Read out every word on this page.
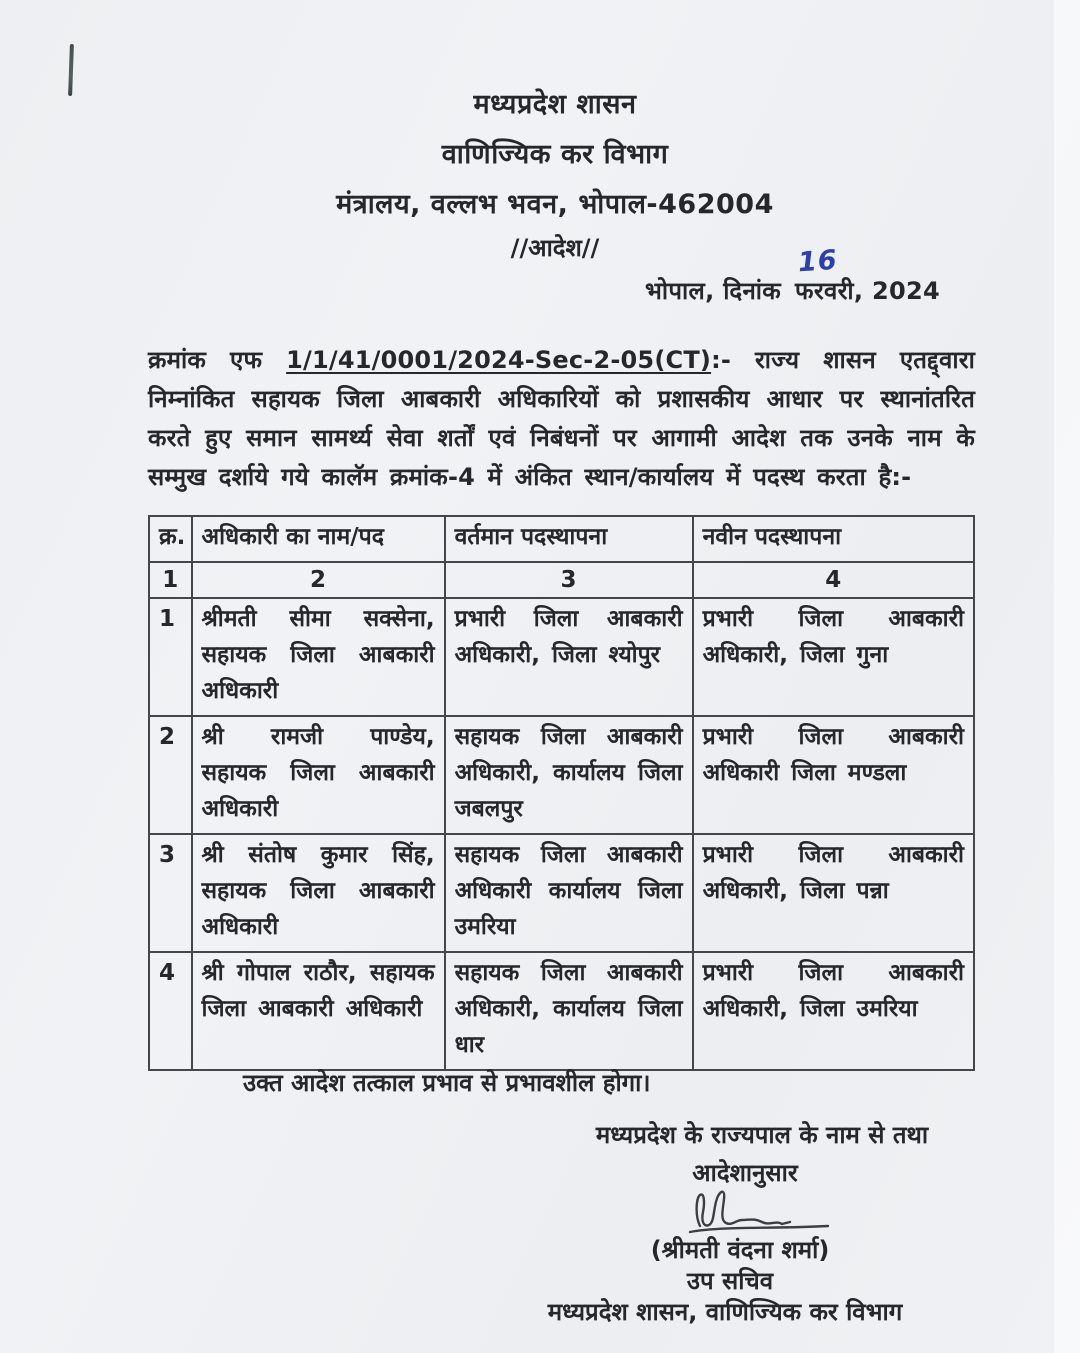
मध्यप्रदेश शासन
वाणिज्यिक कर विभाग
मंत्रालय, वल्लभ भवन, भोपाल-462004
//आदेश//	16
भोपाल, दिनांक फरवरी, 2024
क्रमांक एफ 1/1/41/0001/2024-Sec-2-05(CT):- राज्य शासन एतद्द्वारा निम्नांकित सहायक जिला आबकारी अधिकारियों को प्रशासकीय आधार पर स्थानांतरित करते हुए समान सामर्थ्य सेवा शर्तों एवं निबंधनों पर आगामी आदेश तक उनके नाम के सम्मुख दर्शाये गये कालॅम क्रमांक-4 में अंकित स्थान/कार्यालय में पदस्थ करता है:-
क्र.	अधिकारी का नाम/पद	वर्तमान पदस्थापना	नवीन पदस्थापना
1	2	3	4
1	श्रीमती सीमा सक्सेना, सहायक जिला आबकारी अधिकारी	प्रभारी जिला आबकारी अधिकारी, जिला श्योपुर	प्रभारी जिला आबकारी अधिकारी, जिला गुना
2	श्री रामजी पाण्डेय, सहायक जिला आबकारी अधिकारी	सहायक जिला आबकारी अधिकारी, कार्यालय जिला जबलपुर	प्रभारी जिला आबकारी अधिकारी जिला मण्डला
3	श्री संतोष कुमार सिंह, सहायक जिला आबकारी अधिकारी	सहायक जिला आबकारी अधिकारी कार्यालय जिला उमरिया	प्रभारी जिला आबकारी अधिकारी, जिला पन्ना
4	श्री गोपाल राठौर, सहायक जिला आबकारी अधिकारी	सहायक जिला आबकारी अधिकारी, कार्यालय जिला धार	प्रभारी जिला आबकारी अधिकारी, जिला उमरिया
उक्त आदेश तत्काल प्रभाव से प्रभावशील होगा।
मध्यप्रदेश के राज्यपाल के नाम से तथा
आदेशानुसार
(श्रीमती वंदना शर्मा)
उप सचिव
मध्यप्रदेश शासन, वाणिज्यिक कर विभाग
